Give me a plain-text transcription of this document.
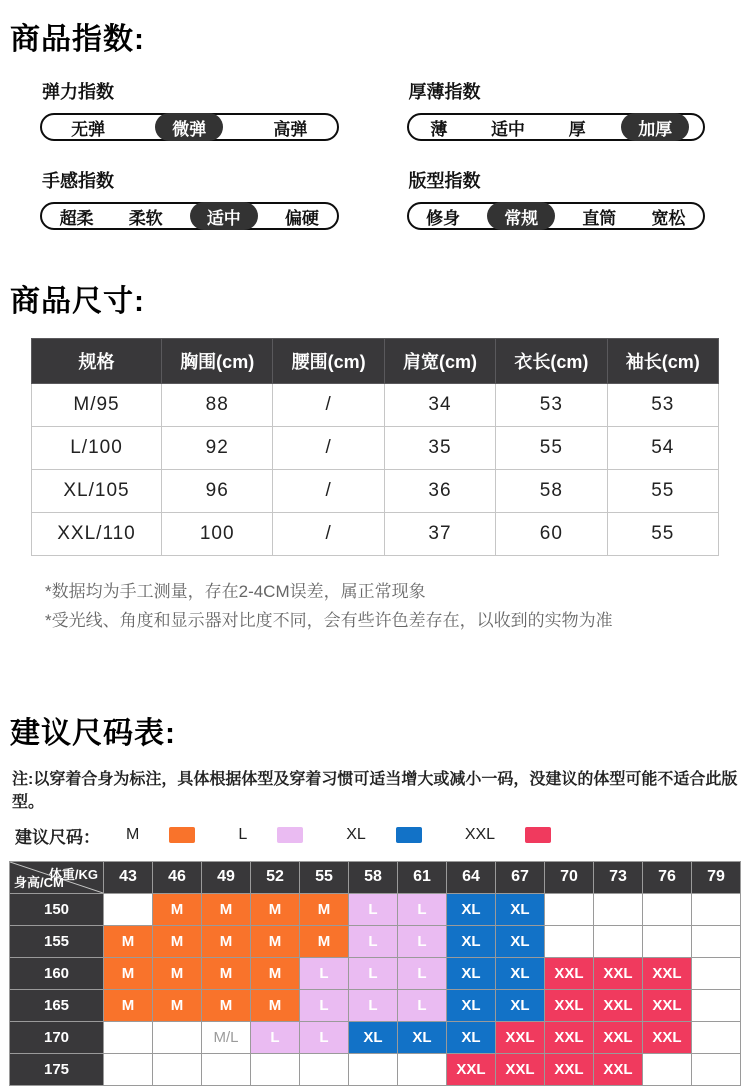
商品指数:
弹力指数
无弹	微弹	高弹
厚薄指数
薄	适中	厚	加厚
手感指数
超柔	柔软	适中	偏硬
版型指数
修身	常规	直筒	宽松
商品尺寸:
规格	胸围(cm)	腰围(cm)	肩宽(cm)	衣长(cm)	袖长(cm)
M/95	88	/	34	53	53
L/100	92	/	35	55	54
XL/105	96	/	36	58	55
XXL/110	100	/	37	60	55

*数据均为手工测量，存在2-4CM误差，属正常现象

*受光线、角度和显示器对比度不同，会有些许色差存在，以收到的实物为准

建议尺码表:

注:以穿着合身为标注，具体根据体型及穿着习惯可适当增大或减小一码，没建议的体型可能不适合此版型。

建议尺码： M	L	XL	XXL
体重/KG
身高/CM	43	46	49	52	55	58	61	64	67	70	73	76	79
150		M	M	M	M	L	L	XL	XL				
155	M	M	M	M	M	L	L	XL	XL				
160	M	M	M	M	L	L	L	XL	XL	XXL	XXL	XXL	
165	M	M	M	M	L	L	L	XL	XL	XXL	XXL	XXL	
170			M/L	L	L	XL	XL	XL	XXL	XXL	XXL	XXL	
175								XXL	XXL	XXL	XXL		
